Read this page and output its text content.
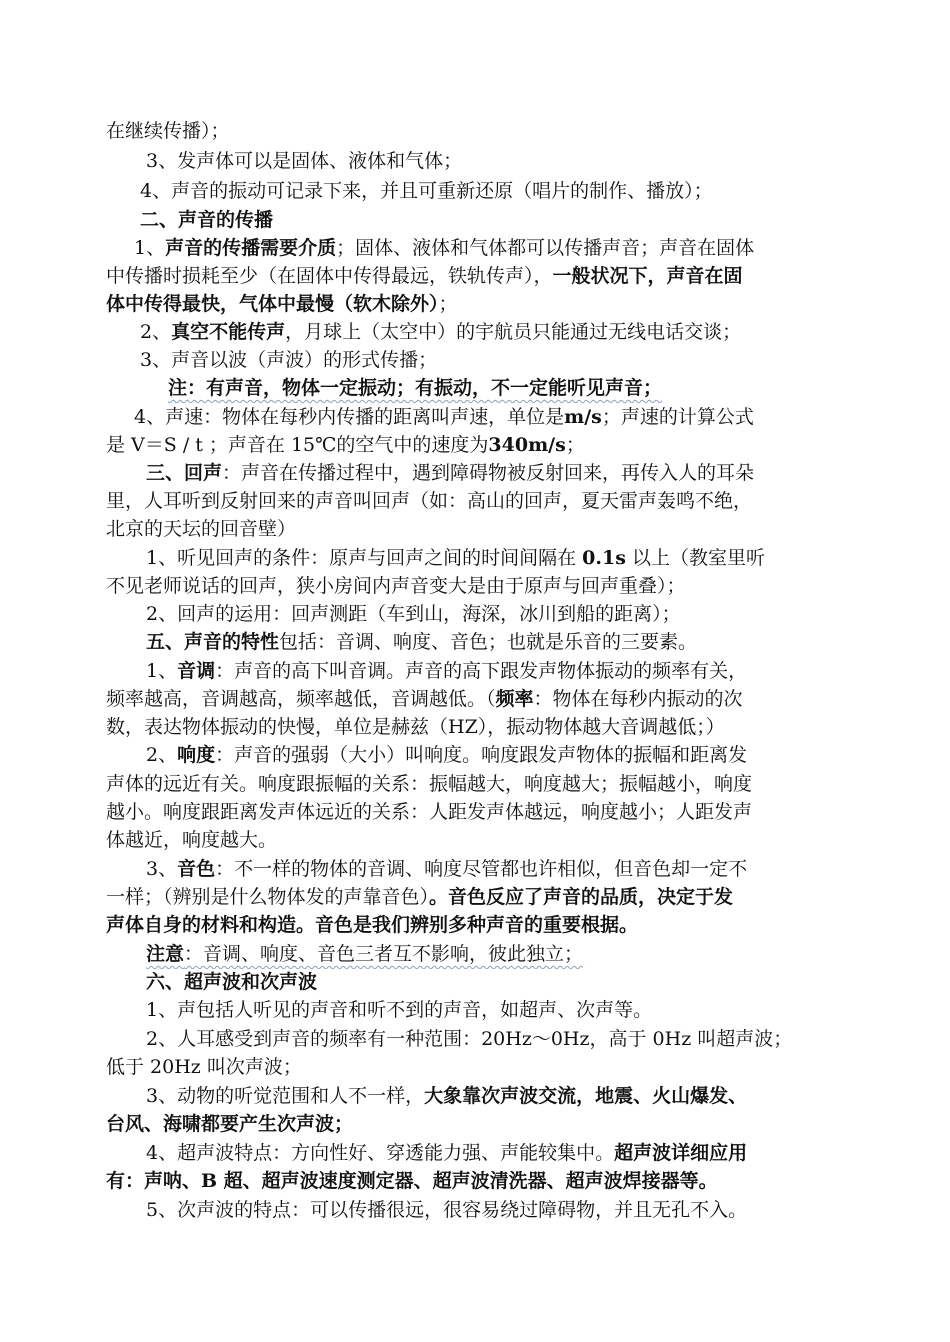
在继续传播）；
3、发声体可以是固体、液体和气体；
4、声音的振动可记录下来，并且可重新还原（唱片的制作、播放）；
二、声音的传播
1、声音的传播需要介质；固体、液体和气体都可以传播声音；声音在固体
中传播时损耗至少（在固体中传得最远，铁轨传声），一般状况下，声音在固
体中传得最快，气体中最慢（软木除外）；
2、真空不能传声，月球上（太空中）的宇航员只能通过无线电话交谈；
3、声音以波（声波）的形式传播；
注：有声音，物体一定振动；有振动，不一定能听见声音；
4、声速：物体在每秒内传播的距离叫声速，单位是m/s；声速的计算公式
是 V＝S / t ；声音在 15℃的空气中的速度为340m/s；
三、回声：声音在传播过程中，遇到障碍物被反射回来，再传入人的耳朵
里，人耳听到反射回来的声音叫回声（如：高山的回声，夏天雷声轰鸣不绝，
北京的天坛的回音壁）
1、听见回声的条件：原声与回声之间的时间间隔在 0.1s 以上（教室里听
不见老师说话的回声，狭小房间内声音变大是由于原声与回声重叠）；
2、回声的运用：回声测距（车到山，海深，冰川到船的距离）；
五、声音的特性包括：音调、响度、音色；也就是乐音的三要素。
1、音调：声音的高下叫音调。声音的高下跟发声物体振动的频率有关，
频率越高，音调越高，频率越低，音调越低。（频率：物体在每秒内振动的次
数，表达物体振动的快慢，单位是赫兹（HZ），振动物体越大音调越低；）
2、响度：声音的强弱（大小）叫响度。响度跟发声物体的振幅和距离发
声体的远近有关。响度跟振幅的关系：振幅越大，响度越大；振幅越小，响度
越小。响度跟距离发声体远近的关系：人距发声体越远，响度越小；人距发声
体越近，响度越大。
3、音色：不一样的物体的音调、响度尽管都也许相似，但音色却一定不
一样；（辨别是什么物体发的声靠音色）。音色反应了声音的品质，决定于发
声体自身的材料和构造。音色是我们辨别多种声音的重要根据。
注意：音调、响度、音色三者互不影响，彼此独立；
六、超声波和次声波
1、声包括人听见的声音和听不到的声音，如超声、次声等。
2、人耳感受到声音的频率有一种范围：20Hz～0Hz，高于 0Hz 叫超声波；
低于 20Hz 叫次声波；
3、动物的听觉范围和人不一样，大象靠次声波交流，地震、火山爆发、
台风、海啸都要产生次声波；
4、超声波特点：方向性好、穿透能力强、声能较集中。超声波详细应用
有：声呐、B 超、超声波速度测定器、超声波清洗器、超声波焊接器等。
5、次声波的特点：可以传播很远，很容易绕过障碍物，并且无孔不入。
